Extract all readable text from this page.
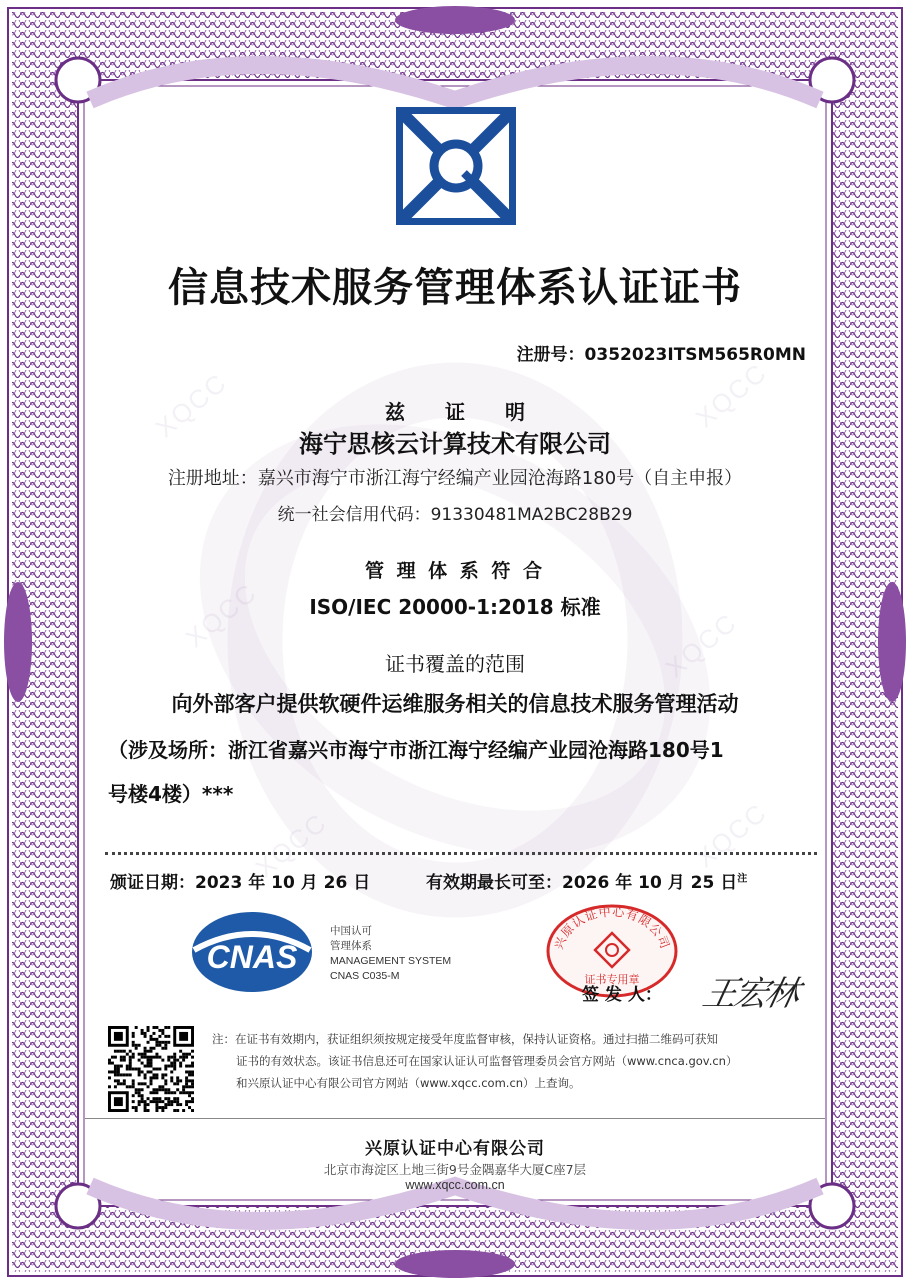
XQCC	XQCC
XQCC	XQCC
XQCC	XQCC
信息技术服务管理体系认证证书
注册号：0352023ITSM565R0MN
兹　　证　　明
海宁思核云计算技术有限公司
注册地址：嘉兴市海宁市浙江海宁经编产业园沧海路180号（自主申报）
统一社会信用代码：91330481MA2BC28B29
管 理 体 系 符 合
ISO/IEC 20000-1:2018 标准
证书覆盖的范围
向外部客户提供软硬件运维服务相关的信息技术服务管理活动
（涉及场所：浙江省嘉兴市海宁市浙江海宁经编产业园沧海路180号1
号楼4楼）***
颁证日期：2023 年 10 月 26 日	有效期最长可至：2026 年 10 月 25 日$^注$
CNAS
中国认可
管理体系
MANAGEMENT SYSTEM
CNAS C035-M
兴原认证中心有限公司
证书专用章
签 发 人： 王宏林
注：在证书有效期内，获证组织须按规定接受年度监督审核，保持认证资格。通过扫描二维码可获知
证书的有效状态。该证书信息还可在国家认证认可监督管理委员会官方网站（www.cnca.gov.cn）
和兴原认证中心有限公司官方网站（www.xqcc.com.cn）上查询。
兴原认证中心有限公司
北京市海淀区上地三街9号金隅嘉华大厦C座7层
www.xqcc.com.cn
